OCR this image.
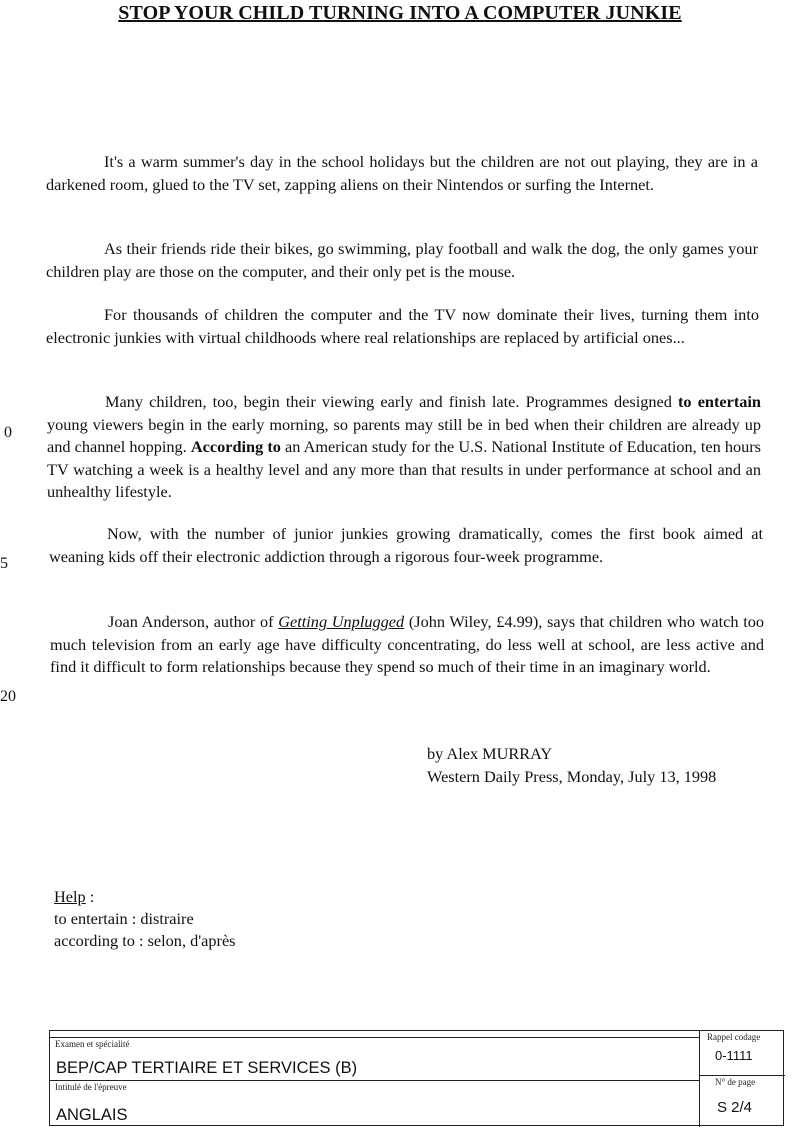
STOP YOUR CHILD TURNING INTO A COMPUTER JUNKIE

It's a warm summer's day in the school holidays but the children are not out playing, they are in a darkened room, glued to the TV set, zapping aliens on their Nintendos or surfing the Internet.

As their friends ride their bikes, go swimming, play football and walk the dog, the only games your children play are those on the computer, and their only pet is the mouse.

For thousands of children the computer and the TV now dominate their lives, turning them into electronic junkies with virtual childhoods where real relationships are replaced by artificial ones...

Many children, too, begin their viewing early and finish late. Programmes designed to entertain young viewers begin in the early morning, so parents may still be in bed when their children are already up and channel hopping. According to an American study for the U.S. National Institute of Education, ten hours TV watching a week is a healthy level and any more than that results in under performance at school and an unhealthy lifestyle.

Now, with the number of junior junkies growing dramatically, comes the first book aimed at weaning kids off their electronic addiction through a rigorous four-week programme.

Joan Anderson, author of Getting Unplugged (John Wiley, £4.99), says that children who watch too much television from an early age have difficulty concentrating, do less well at school, are less active and find it difficult to form relationships because they spend so much of their time in an imaginary world.

0
5
20
by Alex MURRAY
Western Daily Press, Monday, July 13, 1998
Help :
to entertain : distraire
according to : selon, d'après
Examen et spécialité
BEP/CAP TERTIAIRE ET SERVICES (B)
Intitulé de l'épreuve
ANGLAIS
Rappel codage
0-1111
N° de page
S 2/4
